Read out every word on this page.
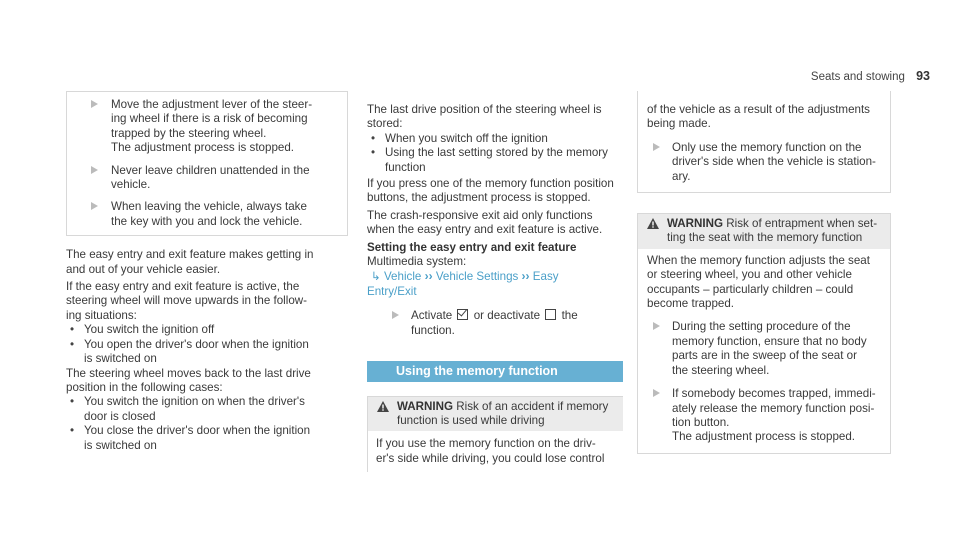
Seats and stowing 93

Move the adjustment lever of the steer-

ing wheel if there is a risk of becoming

trapped by the steering wheel.

The adjustment process is stopped.

Never leave children unattended in the

vehicle.

When leaving the vehicle, always take

the key with you and lock the vehicle.

The easy entry and exit feature makes getting in

and out of your vehicle easier.

If the easy entry and exit feature is active, the

steering wheel will move upwards in the follow-

ing situations:

• You switch the ignition off

• You open the driver's door when the ignition

is switched on

The steering wheel moves back to the last drive

position in the following cases:

• You switch the ignition on when the driver's

door is closed

• You close the driver's door when the ignition

is switched on

The last drive position of the steering wheel is

stored:

• When you switch off the ignition

• Using the last setting stored by the memory

function

If you press one of the memory function position

buttons, the adjustment process is stopped.

The crash-responsive exit aid only functions

when the easy entry and exit feature is active.

Setting the easy entry and exit feature

Multimedia system:

↳ Vehicle ›› Vehicle Settings ›› Easy

Entry/Exit

Activate or deactivate the function.
Using the memory function

WARNING Risk of an accident if memory

function is used while driving

If you use the memory function on the driv-

er's side while driving, you could lose control

of the vehicle as a result of the adjustments

being made.

Only use the memory function on the

driver's side when the vehicle is station-

ary.

WARNING Risk of entrapment when set-

ting the seat with the memory function

When the memory function adjusts the seat

or steering wheel, you and other vehicle

occupants – particularly children – could

become trapped.

During the setting procedure of the

memory function, ensure that no body

parts are in the sweep of the seat or

the steering wheel.

If somebody becomes trapped, immedi-

ately release the memory function posi-

tion button.

The adjustment process is stopped.
